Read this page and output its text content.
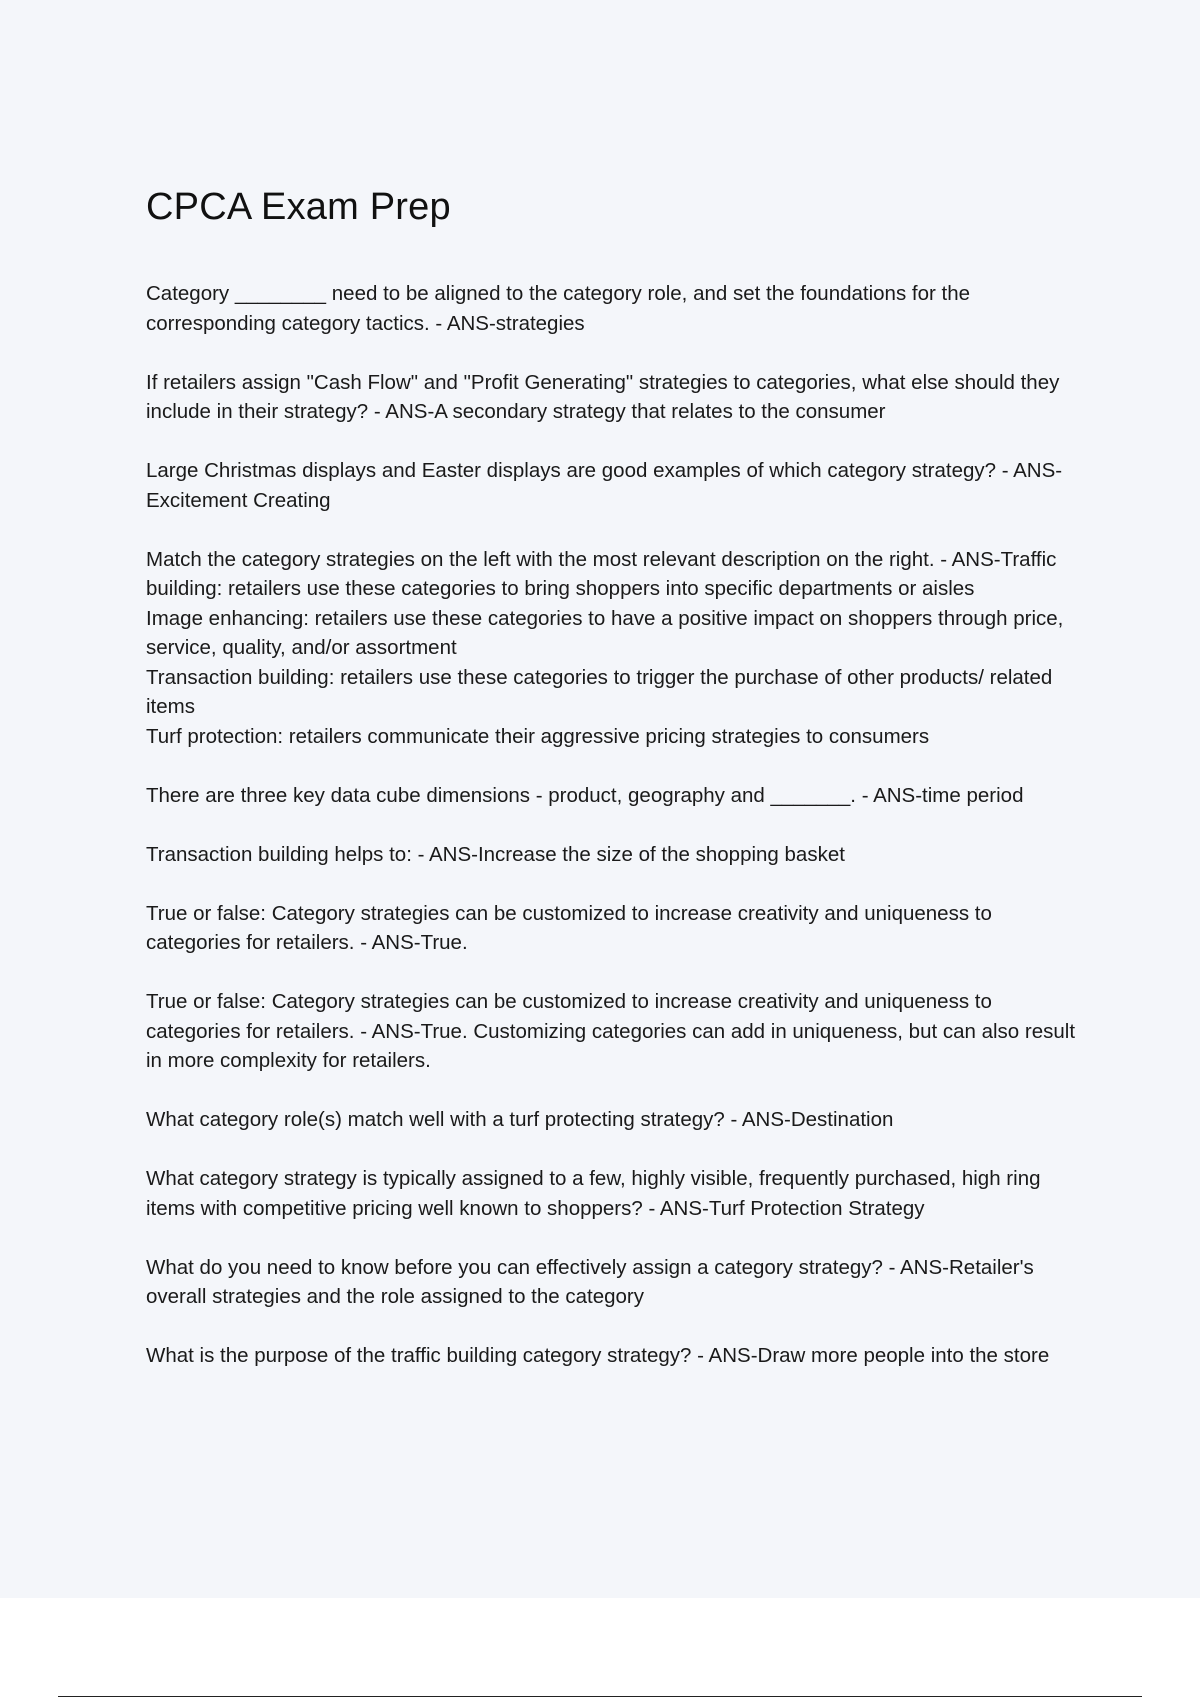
CPCA Exam Prep

Category ________ need to be aligned to the category role, and set the foundations for the corresponding category tactics. - ANS-strategies

If retailers assign "Cash Flow" and "Profit Generating" strategies to categories, what else should they include in their strategy? - ANS-A secondary strategy that relates to the consumer

Large Christmas displays and Easter displays are good examples of which category strategy? - ANS-Excitement Creating

Match the category strategies on the left with the most relevant description on the right. - ANS-Traffic building: retailers use these categories to bring shoppers into specific departments or aisles
Image enhancing: retailers use these categories to have a positive impact on shoppers through price, service, quality, and/or assortment
Transaction building: retailers use these categories to trigger the purchase of other products/ related items
Turf protection: retailers communicate their aggressive pricing strategies to consumers

There are three key data cube dimensions - product, geography and _______. - ANS-time period

Transaction building helps to: - ANS-Increase the size of the shopping basket

True or false: Category strategies can be customized to increase creativity and uniqueness to categories for retailers. - ANS-True.

True or false: Category strategies can be customized to increase creativity and uniqueness to categories for retailers. - ANS-True. Customizing categories can add in uniqueness, but can also result in more complexity for retailers.

What category role(s) match well with a turf protecting strategy? - ANS-Destination

What category strategy is typically assigned to a few, highly visible, frequently purchased, high ring items with competitive pricing well known to shoppers? - ANS-Turf Protection Strategy

What do you need to know before you can effectively assign a category strategy? - ANS-Retailer's overall strategies and the role assigned to the category

What is the purpose of the traffic building category strategy? - ANS-Draw more people into the store
